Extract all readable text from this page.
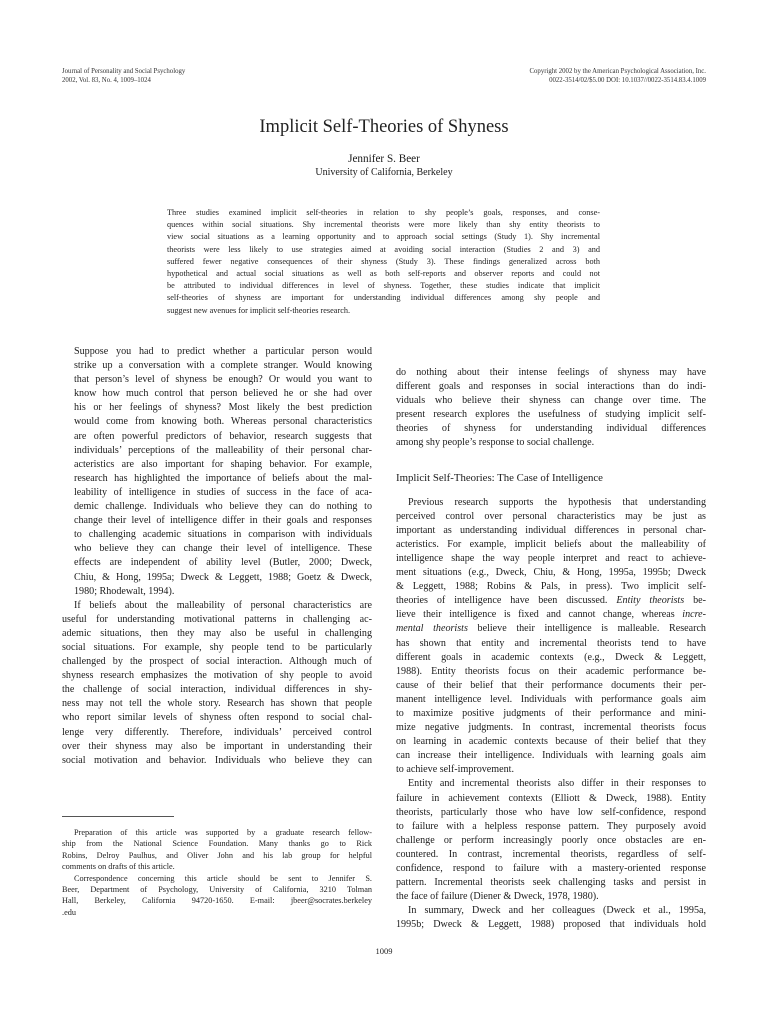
Journal of Personality and Social Psychology
2002, Vol. 83, No. 4, 1009–1024
Copyright 2002 by the American Psychological Association, Inc.
0022-3514/02/$5.00 DOI: 10.1037//0022-3514.83.4.1009
Implicit Self-Theories of Shyness
Jennifer S. Beer
University of California, Berkeley
Three studies examined implicit self-theories in relation to shy people’s goals, responses, and conse-
quences within social situations. Shy incremental theorists were more likely than shy entity theorists to
view social situations as a learning opportunity and to approach social settings (Study 1). Shy incremental
theorists were less likely to use strategies aimed at avoiding social interaction (Studies 2 and 3) and
suffered fewer negative consequences of their shyness (Study 3). These findings generalized across both
hypothetical and actual social situations as well as both self-reports and observer reports and could not
be attributed to individual differences in level of shyness. Together, these studies indicate that implicit
self-theories of shyness are important for understanding individual differences among shy people and
suggest new avenues for implicit self-theories research.

Suppose you had to predict whether a particular person would
strike up a conversation with a complete stranger. Would knowing
that person’s level of shyness be enough? Or would you want to
know how much control that person believed he or she had over
his or her feelings of shyness? Most likely the best prediction
would come from knowing both. Whereas personal characteristics
are often powerful predictors of behavior, research suggests that
individuals’ perceptions of the malleability of their personal char-
acteristics are also important for shaping behavior. For example,
research has highlighted the importance of beliefs about the mal-
leability of intelligence in studies of success in the face of aca-
demic challenge. Individuals who believe they can do nothing to
change their level of intelligence differ in their goals and responses
to challenging academic situations in comparison with individuals
who believe they can change their level of intelligence. These
effects are independent of ability level (Butler, 2000; Dweck,
Chiu, & Hong, 1995a; Dweck & Leggett, 1988; Goetz & Dweck,
1980; Rhodewalt, 1994).

If beliefs about the malleability of personal characteristics are
useful for understanding motivational patterns in challenging ac-
ademic situations, then they may also be useful in challenging
social situations. For example, shy people tend to be particularly
challenged by the prospect of social interaction. Although much of
shyness research emphasizes the motivation of shy people to avoid
the challenge of social interaction, individual differences in shy-
ness may not tell the whole story. Research has shown that people
who report similar levels of shyness often respond to social chal-
lenge very differently. Therefore, individuals’ perceived control
over their shyness may also be important in understanding their
social motivation and behavior. Individuals who believe they can

Preparation of this article was supported by a graduate research fellow-
ship from the National Science Foundation. Many thanks go to Rick
Robins, Delroy Paulhus, and Oliver John and his lab group for helpful
comments on drafts of this article.

Correspondence concerning this article should be sent to Jennifer S.
Beer, Department of Psychology, University of California, 3210 Tolman
Hall, Berkeley, California 94720-1650. E-mail: jbeer@socrates.berkeley
.edu

do nothing about their intense feelings of shyness may have
different goals and responses in social interactions than do indi-
viduals who believe their shyness can change over time. The
present research explores the usefulness of studying implicit self-
theories of shyness for understanding individual differences
among shy people’s response to social challenge.

Implicit Self-Theories: The Case of Intelligence

Previous research supports the hypothesis that understanding
perceived control over personal characteristics may be just as
important as understanding individual differences in personal char-
acteristics. For example, implicit beliefs about the malleability of
intelligence shape the way people interpret and react to achieve-
ment situations (e.g., Dweck, Chiu, & Hong, 1995a, 1995b; Dweck
& Leggett, 1988; Robins & Pals, in press). Two implicit self-
theories of intelligence have been discussed. Entity theorists be-
lieve their intelligence is fixed and cannot change, whereas incre-
mental theorists believe their intelligence is malleable. Research
has shown that entity and incremental theorists tend to have
different goals in academic contexts (e.g., Dweck & Leggett,
1988). Entity theorists focus on their academic performance be-
cause of their belief that their performance documents their per-
manent intelligence level. Individuals with performance goals aim
to maximize positive judgments of their performance and mini-
mize negative judgments. In contrast, incremental theorists focus
on learning in academic contexts because of their belief that they
can increase their intelligence. Individuals with learning goals aim
to achieve self-improvement.

Entity and incremental theorists also differ in their responses to
failure in achievement contexts (Elliott & Dweck, 1988). Entity
theorists, particularly those who have low self-confidence, respond
to failure with a helpless response pattern. They purposely avoid
challenge or perform increasingly poorly once obstacles are en-
countered. In contrast, incremental theorists, regardless of self-
confidence, respond to failure with a mastery-oriented response
pattern. Incremental theorists seek challenging tasks and persist in
the face of failure (Diener & Dweck, 1978, 1980).

In summary, Dweck and her colleagues (Dweck et al., 1995a,
1995b; Dweck & Leggett, 1988) proposed that individuals hold

1009
